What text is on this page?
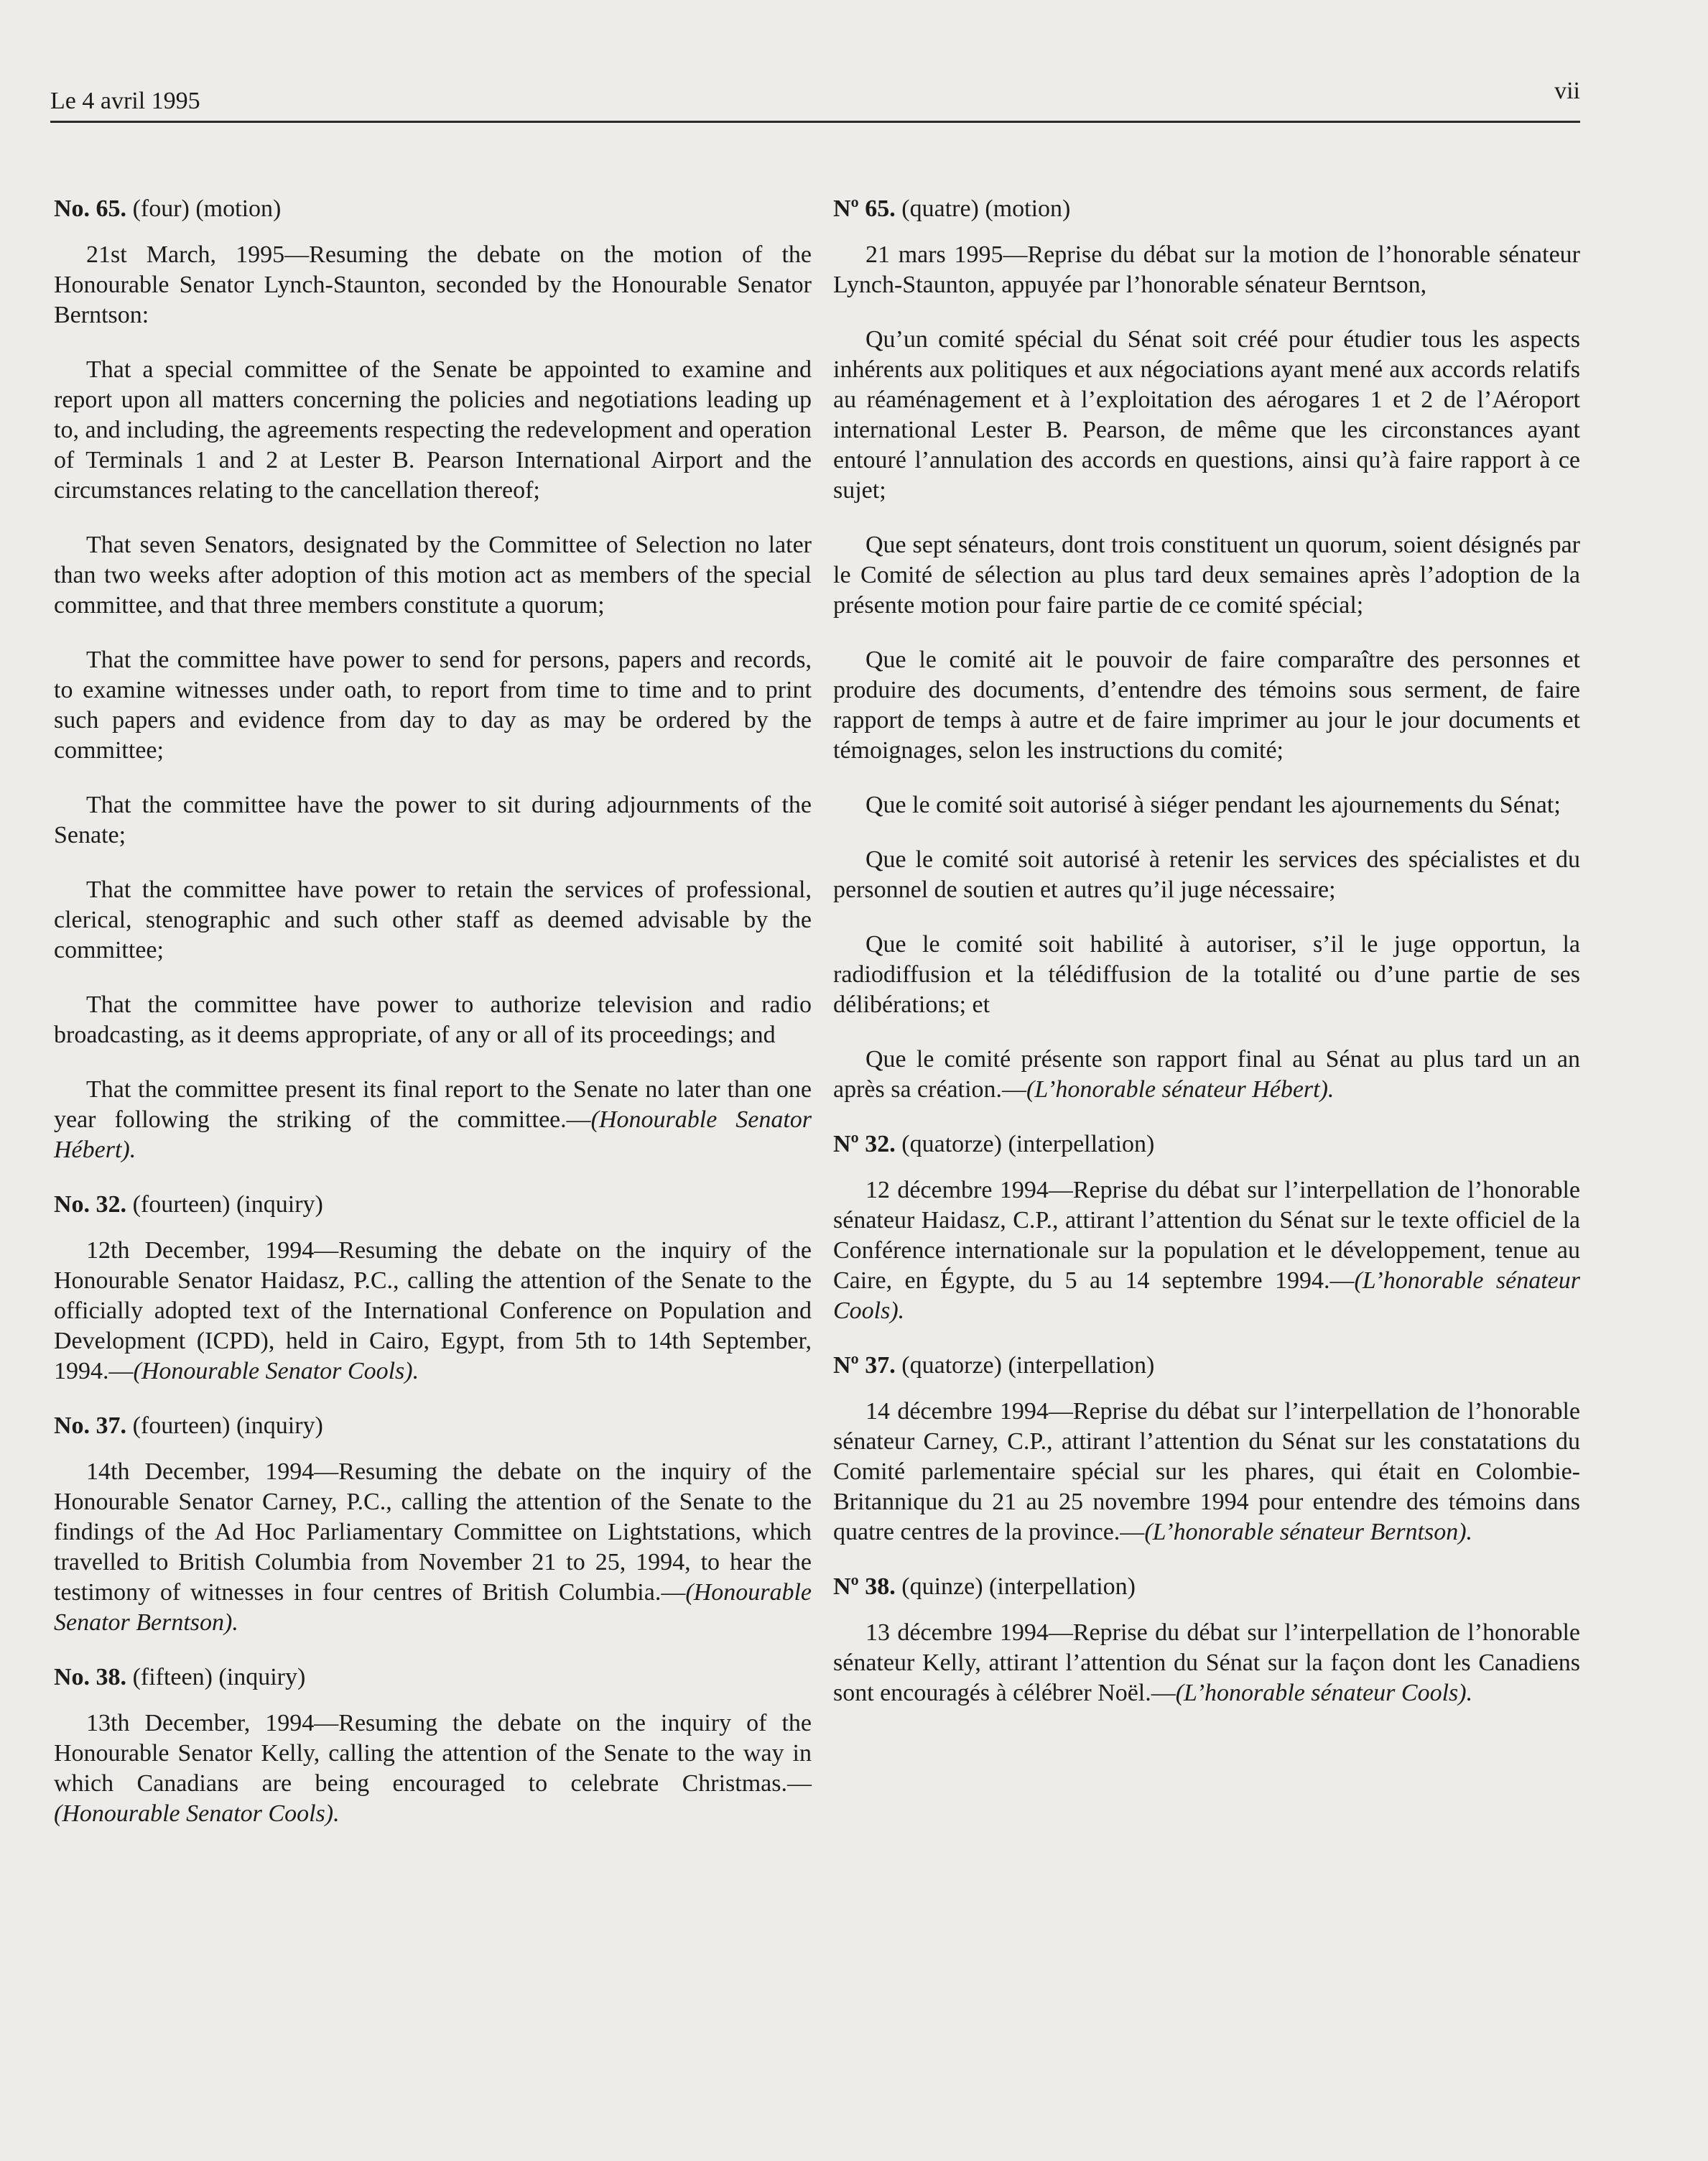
Le 4 avril 1995	vii
No. 65. (four) (motion)

21st March, 1995—Resuming the debate on the motion of the Honourable Senator Lynch-Staunton, seconded by the Honourable Senator Berntson:

That a special committee of the Senate be appointed to examine and report upon all matters concerning the policies and negotiations leading up to, and including, the agreements respecting the redevelopment and operation of Terminals 1 and 2 at Lester B. Pearson International Airport and the circumstances relating to the cancellation thereof;

That seven Senators, designated by the Committee of Selection no later than two weeks after adoption of this motion act as members of the special committee, and that three members constitute a quorum;

That the committee have power to send for persons, papers and records, to examine witnesses under oath, to report from time to time and to print such papers and evidence from day to day as may be ordered by the committee;

That the committee have the power to sit during adjournments of the Senate;

That the committee have power to retain the services of professional, clerical, stenographic and such other staff as deemed advisable by the committee;

That the committee have power to authorize television and radio broadcasting, as it deems appropriate, of any or all of its proceedings; and

That the committee present its final report to the Senate no later than one year following the striking of the committee.—(Honourable Senator Hébert).

No. 32. (fourteen) (inquiry)

12th December, 1994—Resuming the debate on the inquiry of the Honourable Senator Haidasz, P.C., calling the attention of the Senate to the officially adopted text of the International Conference on Population and Development (ICPD), held in Cairo, Egypt, from 5th to 14th September, 1994.—(Honourable Senator Cools).

No. 37. (fourteen) (inquiry)

14th December, 1994—Resuming the debate on the inquiry of the Honourable Senator Carney, P.C., calling the attention of the Senate to the findings of the Ad Hoc Parliamentary Committee on Lightstations, which travelled to British Columbia from November 21 to 25, 1994, to hear the testimony of witnesses in four centres of British Columbia.—(Honourable Senator Berntson).

No. 38. (fifteen) (inquiry)

13th December, 1994—Resuming the debate on the inquiry of the Honourable Senator Kelly, calling the attention of the Senate to the way in which Canadians are being encouraged to celebrate Christmas.—(Honourable Senator Cools).

Nº 65. (quatre) (motion)

21 mars 1995—Reprise du débat sur la motion de l’honorable sénateur Lynch-Staunton, appuyée par l’honorable sénateur Berntson,

Qu’un comité spécial du Sénat soit créé pour étudier tous les aspects inhérents aux politiques et aux négociations ayant mené aux accords relatifs au réaménagement et à l’exploitation des aérogares 1 et 2 de l’Aéroport international Lester B. Pearson, de même que les circonstances ayant entouré l’annulation des accords en questions, ainsi qu’à faire rapport à ce sujet;

Que sept sénateurs, dont trois constituent un quorum, soient désignés par le Comité de sélection au plus tard deux semaines après l’adoption de la présente motion pour faire partie de ce comité spécial;

Que le comité ait le pouvoir de faire comparaître des personnes et produire des documents, d’entendre des témoins sous serment, de faire rapport de temps à autre et de faire imprimer au jour le jour documents et témoignages, selon les instructions du comité;

Que le comité soit autorisé à siéger pendant les ajournements du Sénat;

Que le comité soit autorisé à retenir les services des spécialistes et du personnel de soutien et autres qu’il juge nécessaire;

Que le comité soit habilité à autoriser, s’il le juge opportun, la radiodiffusion et la télédiffusion de la totalité ou d’une partie de ses délibérations; et

Que le comité présente son rapport final au Sénat au plus tard un an après sa création.—(L’honorable sénateur Hébert).

Nº 32. (quatorze) (interpellation)

12 décembre 1994—Reprise du débat sur l’interpellation de l’honorable sénateur Haidasz, C.P., attirant l’attention du Sénat sur le texte officiel de la Conférence internationale sur la population et le développement, tenue au Caire, en Égypte, du 5 au 14 septembre 1994.—(L’honorable sénateur Cools).

Nº 37. (quatorze) (interpellation)

14 décembre 1994—Reprise du débat sur l’interpellation de l’honorable sénateur Carney, C.P., attirant l’attention du Sénat sur les constatations du Comité parlementaire spécial sur les phares, qui était en Colombie-Britannique du 21 au 25 novembre 1994 pour entendre des témoins dans quatre centres de la province.—(L’honorable sénateur Berntson).

Nº 38. (quinze) (interpellation)

13 décembre 1994—Reprise du débat sur l’interpellation de l’honorable sénateur Kelly, attirant l’attention du Sénat sur la façon dont les Canadiens sont encouragés à célébrer Noël.—(L’honorable sénateur Cools).
